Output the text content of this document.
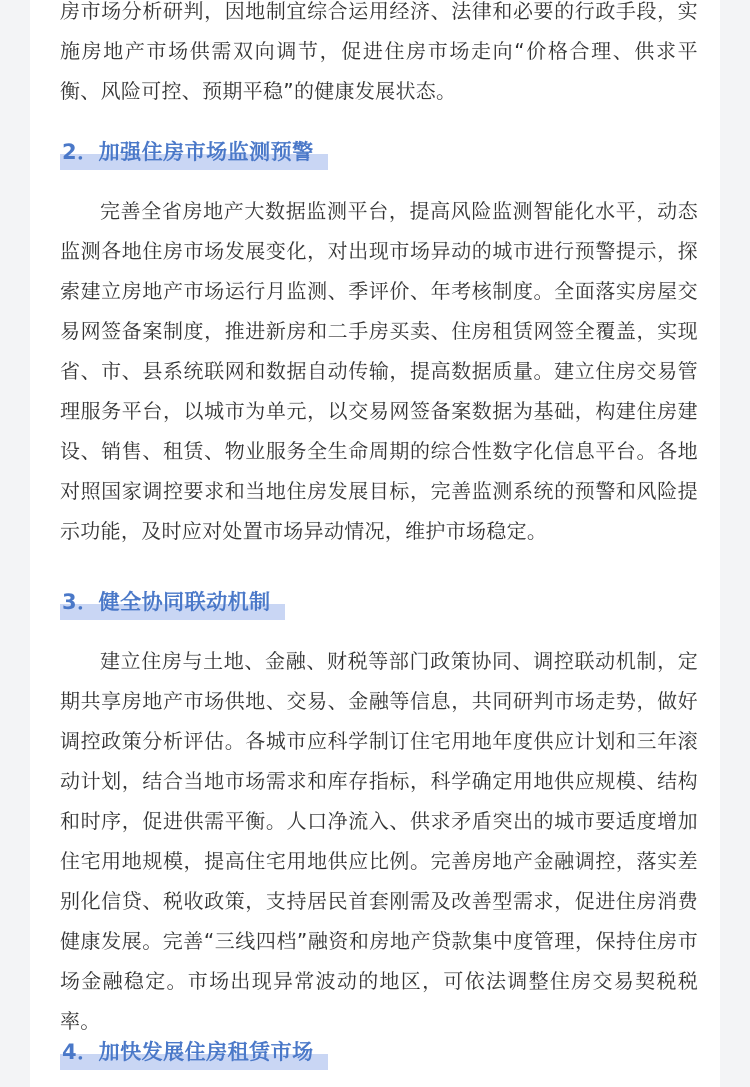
房市场分析研判，因地制宜综合运用经济、法律和必要的行政手段，实施房地产市场供需双向调节，促进住房市场走向“价格合理、供求平衡、风险可控、预期平稳”的健康发展状态。

2．加强住房市场监测预警

完善全省房地产大数据监测平台，提高风险监测智能化水平，动态监测各地住房市场发展变化，对出现市场异动的城市进行预警提示，探索建立房地产市场运行月监测、季评价、年考核制度。全面落实房屋交易网签备案制度，推进新房和二手房买卖、住房租赁网签全覆盖，实现省、市、县系统联网和数据自动传输，提高数据质量。建立住房交易管理服务平台，以城市为单元，以交易网签备案数据为基础，构建住房建设、销售、租赁、物业服务全生命周期的综合性数字化信息平台。各地对照国家调控要求和当地住房发展目标，完善监测系统的预警和风险提示功能，及时应对处置市场异动情况，维护市场稳定。

3．健全协同联动机制

建立住房与土地、金融、财税等部门政策协同、调控联动机制，定期共享房地产市场供地、交易、金融等信息，共同研判市场走势，做好调控政策分析评估。各城市应科学制订住宅用地年度供应计划和三年滚动计划，结合当地市场需求和库存指标，科学确定用地供应规模、结构和时序，促进供需平衡。人口净流入、供求矛盾突出的城市要适度增加住宅用地规模，提高住宅用地供应比例。完善房地产金融调控，落实差别化信贷、税收政策，支持居民首套刚需及改善型需求，促进住房消费健康发展。完善“三线四档”融资和房地产贷款集中度管理，保持住房市场金融稳定。市场出现异常波动的地区，可依法调整住房交易契税税率。

4．加快发展住房租赁市场
